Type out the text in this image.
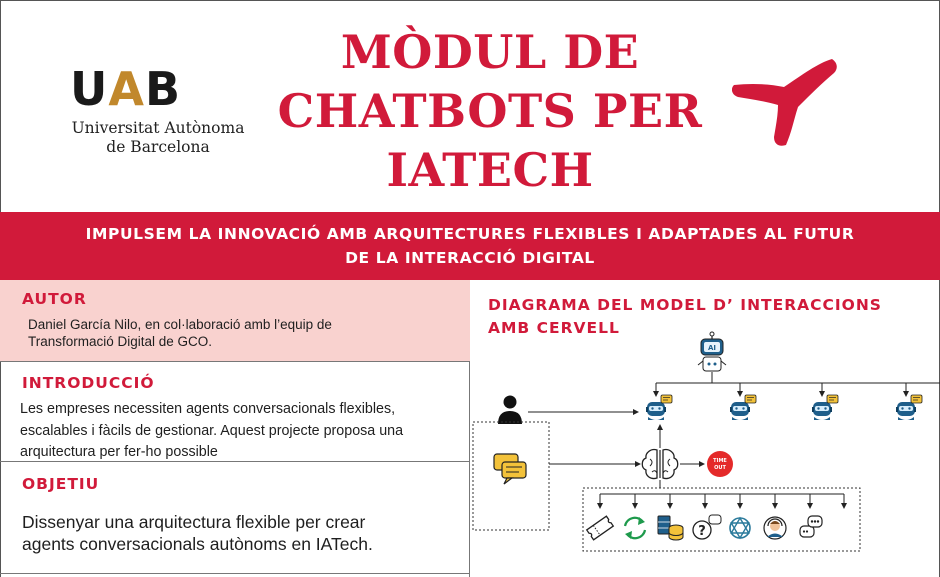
U A B
Universitat Autònoma
de Barcelona
MÒDUL DE
CHATBOTS PER
IATECH
IMPULSEM LA INNOVACIÓ AMB ARQUITECTURES FLEXIBLES I ADAPTADES AL FUTUR
DE LA INTERACCIÓ DIGITAL
AUTOR
Daniel García Nilo, en col·laboració amb l’equip de
Transformació Digital de GCO.
INTRODUCCIÓ
Les empreses necessiten agents conversacionals flexibles,
escalables i fàcils de gestionar. Aquest projecte proposa una
arquitectura per fer-ho possible
OBJETIU
Dissenyar una arquitectura flexible per crear
agents conversacionals autònoms en IATech.
DIAGRAMA DEL MODEL D’ INTERACCIONS
AMB CERVELL
AI
TIME
OUT
?
